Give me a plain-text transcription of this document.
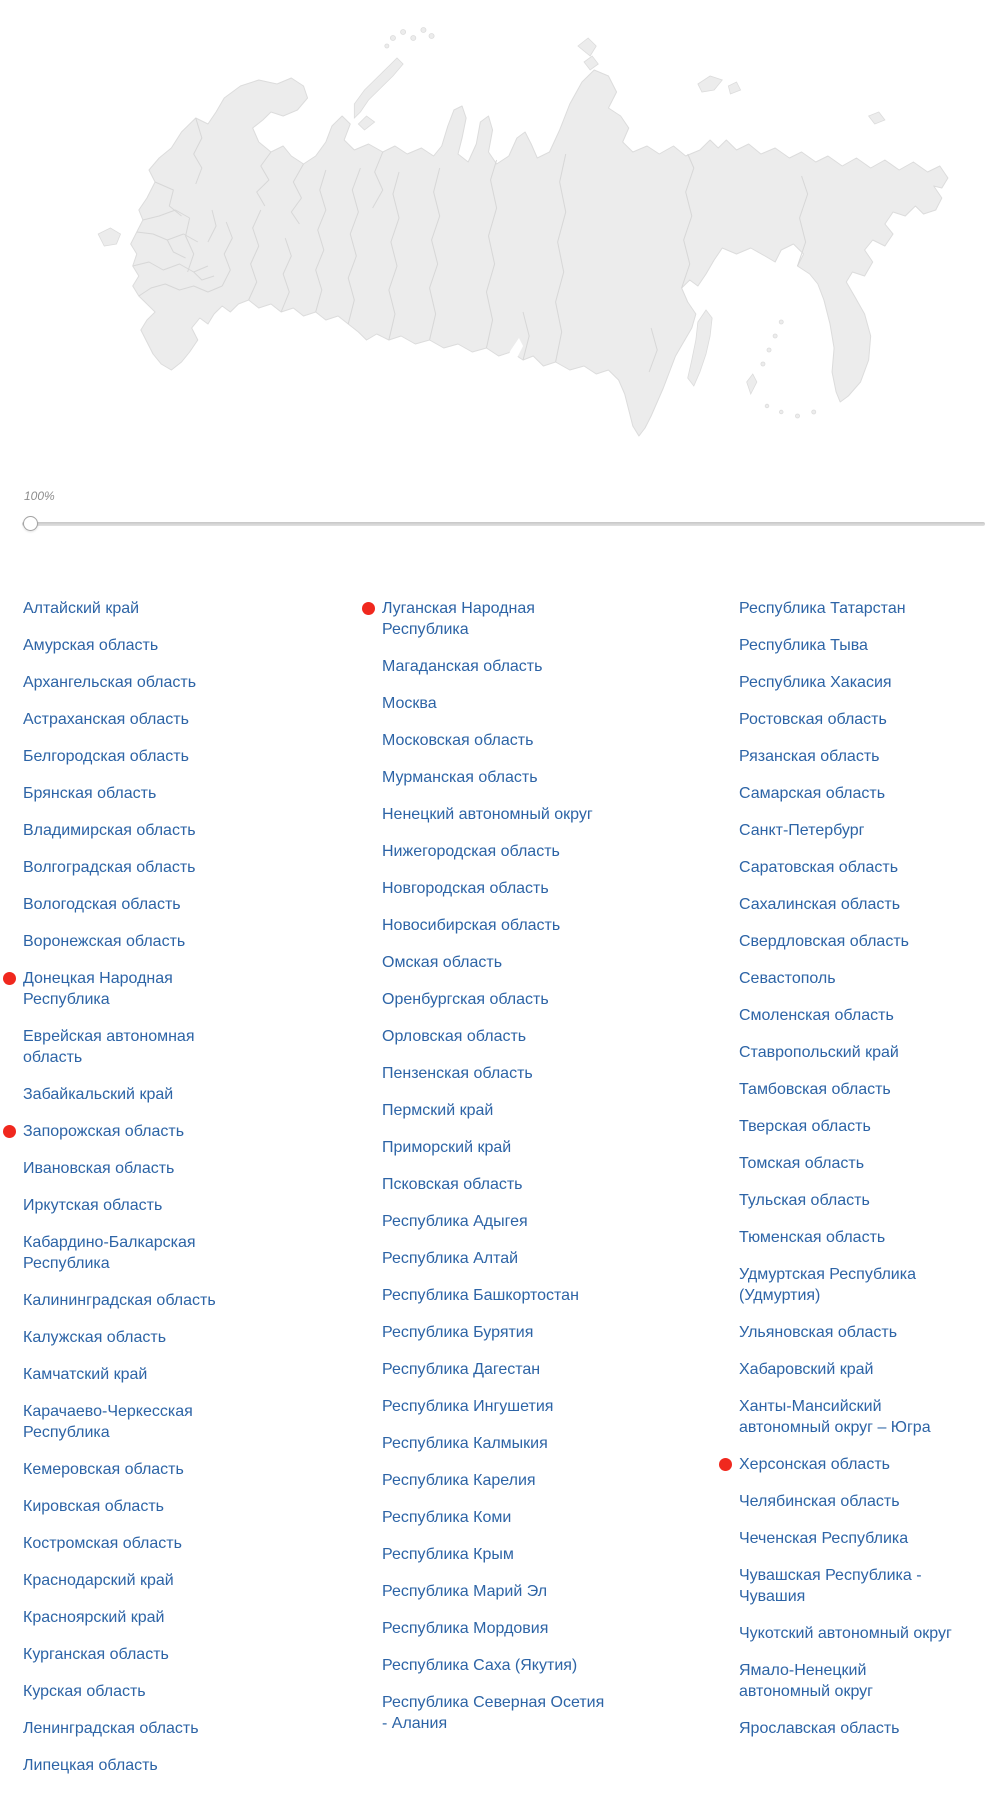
100%
Алтайский край
Амурская область
Архангельская область
Астраханская область
Белгородская область
Брянская область
Владимирская область
Волгоградская область
Вологодская область
Воронежская область
Донецкая Народная Республика
Еврейская автономная область
Забайкальский край
Запорожская область
Ивановская область
Иркутская область
Кабардино-Балкарская Республика
Калининградская область
Калужская область
Камчатский край
Карачаево-Черкесская Республика
Кемеровская область
Кировская область
Костромская область
Краснодарский край
Красноярский край
Курганская область
Курская область
Ленинградская область
Липецкая область
Луганская Народная Республика
Магаданская область
Москва
Московская область
Мурманская область
Ненецкий автономный округ
Нижегородская область
Новгородская область
Новосибирская область
Омская область
Оренбургская область
Орловская область
Пензенская область
Пермский край
Приморский край
Псковская область
Республика Адыгея
Республика Алтай
Республика Башкортостан
Республика Бурятия
Республика Дагестан
Республика Ингушетия
Республика Калмыкия
Республика Карелия
Республика Коми
Республика Крым
Республика Марий Эл
Республика Мордовия
Республика Саха (Якутия)
Республика Северная Осетия - Алания
Республика Татарстан
Республика Тыва
Республика Хакасия
Ростовская область
Рязанская область
Самарская область
Санкт-Петербург
Саратовская область
Сахалинская область
Свердловская область
Севастополь
Смоленская область
Ставропольский край
Тамбовская область
Тверская область
Томская область
Тульская область
Тюменская область
Удмуртская Республика (Удмуртия)
Ульяновская область
Хабаровский край
Ханты-Мансийский автономный округ – Югра
Херсонская область
Челябинская область
Чеченская Республика
Чувашская Республика - Чувашия
Чукотский автономный округ
Ямало-Ненецкий автономный округ
Ярославская область
